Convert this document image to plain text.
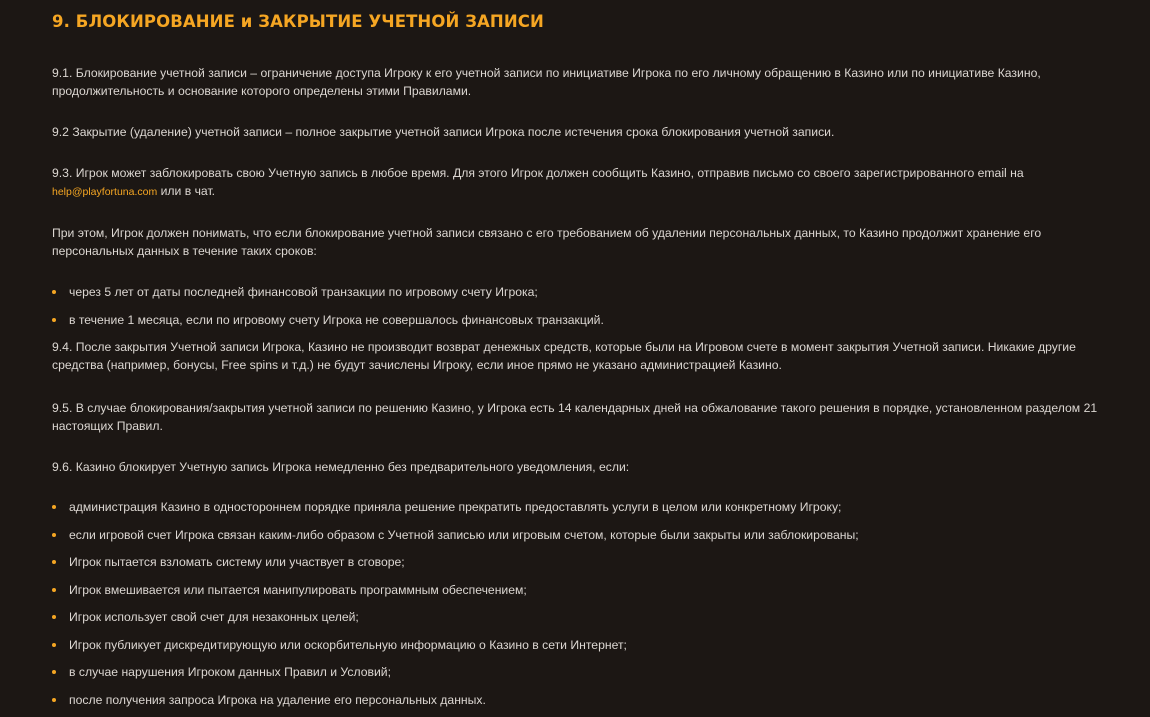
9. БЛОКИРОВАНИЕ и ЗАКРЫТИЕ УЧЕТНОЙ ЗАПИСИ
9.1. Блокирование учетной записи – ограничение доступа Игроку к его учетной записи по инициативе Игрока по его личному обращению в Казино или по инициативе Казино, продолжительность и основание которого определены этими Правилами.
9.2 Закрытие (удаление) учетной записи – полное закрытие учетной записи Игрока после истечения срока блокирования учетной записи.
9.3. Игрок может заблокировать свою Учетную запись в любое время. Для этого Игрок должен сообщить Казино, отправив письмо со своего зарегистрированного email на
help@playfortuna.com или в чат.
При этом, Игрок должен понимать, что если блокирование учетной записи связано с его требованием об удалении персональных данных, то Казино продолжит хранение его персональных данных в течение таких сроков:
через 5 лет от даты последней финансовой транзакции по игровому счету Игрока;
в течение 1 месяца, если по игровому счету Игрока не совершалось финансовых транзакций.
9.4. После закрытия Учетной записи Игрока, Казино не производит возврат денежных средств, которые были на Игровом счете в момент закрытия Учетной записи. Никакие другие средства (например, бонусы, Free spins и т.д.) не будут зачислены Игроку, если иное прямо не указано администрацией Казино.
9.5. В случае блокирования/закрытия учетной записи по решению Казино, у Игрока есть 14 календарных дней на обжалование такого решения в порядке, установленном разделом 21 настоящих Правил.
9.6. Казино блокирует Учетную запись Игрока немедленно без предварительного уведомления, если:
администрация Казино в одностороннем порядке приняла решение прекратить предоставлять услуги в целом или конкретному Игроку;
если игровой счет Игрока связан каким-либо образом с Учетной записью или игровым счетом, которые были закрыты или заблокированы;
Игрок пытается взломать систему или участвует в сговоре;
Игрок вмешивается или пытается манипулировать программным обеспечением;
Игрок использует свой счет для незаконных целей;
Игрок публикует дискредитирующую или оскорбительную информацию о Казино в сети Интернет;
в случае нарушения Игроком данных Правил и Условий;
после получения запроса Игрока на удаление его персональных данных.
